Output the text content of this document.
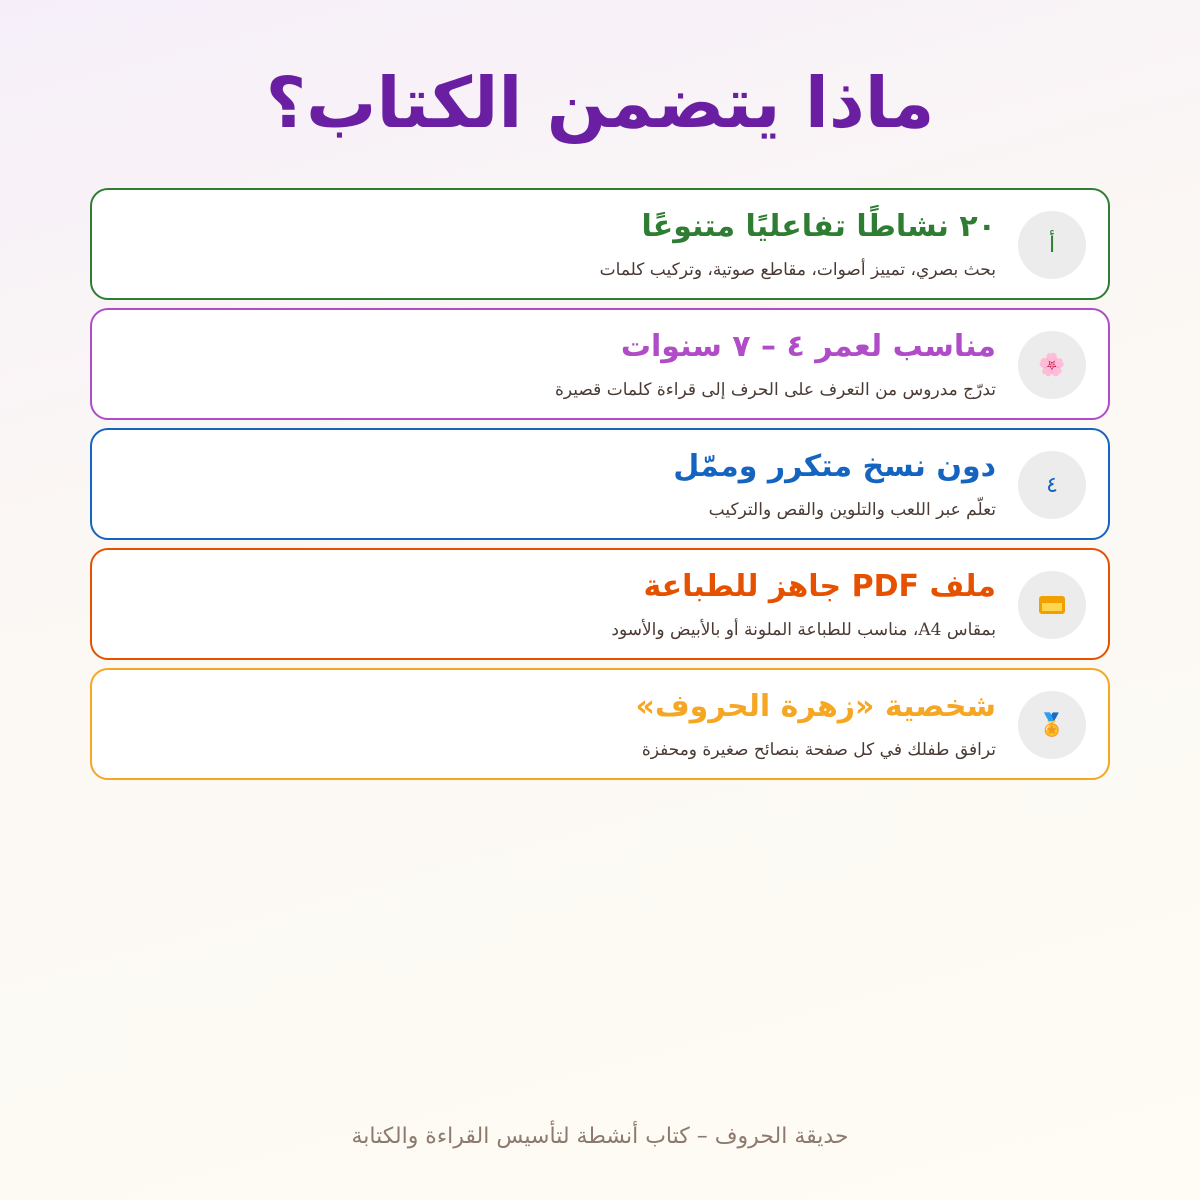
ماذا يتضمن الكتاب؟
أ
٢٠ نشاطًا تفاعليًا متنوعًا
بحث بصري، تمييز أصوات، مقاطع صوتية، وتركيب كلمات
🌸
مناسب لعمر ٤ – ٧ سنوات
تدرّج مدروس من التعرف على الحرف إلى قراءة كلمات قصيرة
٤
دون نسخ متكرر وممّل
تعلّم عبر اللعب والتلوين والقص والتركيب
ملف PDF جاهز للطباعة
بمقاس A4، مناسب للطباعة الملونة أو بالأبيض والأسود
🏅
شخصية «زهرة الحروف»
ترافق طفلك في كل صفحة بنصائح صغيرة ومحفزة
حديقة الحروف – كتاب أنشطة لتأسيس القراءة والكتابة
